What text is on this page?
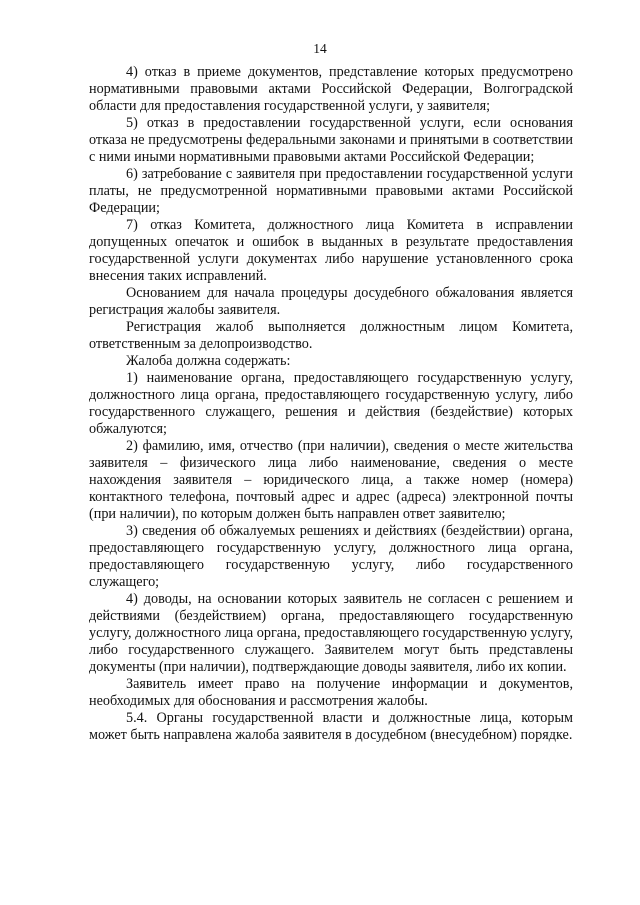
14

4) отказ в приеме документов, представление которых предусмотрено нормативными правовыми актами Российской Федерации, Волгоградской области для предоставления государственной услуги, у заявителя;

5) отказ в предоставлении государственной услуги, если основания отказа не предусмотрены федеральными законами и принятыми в соответствии с ними иными нормативными правовыми актами Российской Федерации;

6) затребование с заявителя при предоставлении государственной услуги платы, не предусмотренной нормативными правовыми актами Российской Федерации;

7) отказ Комитета, должностного лица Комитета в исправлении допущенных опечаток и ошибок в выданных в результате предоставления государственной услуги документах либо нарушение установленного срока внесения таких исправлений.

Основанием для начала процедуры досудебного обжалования является регистрация жалобы заявителя.

Регистрация жалоб выполняется должностным лицом Комитета, ответственным за делопроизводство.

Жалоба должна содержать:

1) наименование органа, предоставляющего государственную услугу, должностного лица органа, предоставляющего государственную услугу, либо государственного служащего, решения и действия (бездействие) которых обжалуются;

2) фамилию, имя, отчество (при наличии), сведения о месте жительства заявителя – физического лица либо наименование, сведения о месте нахождения заявителя – юридического лица, а также номер (номера) контактного телефона, почтовый адрес и адрес (адреса) электронной почты (при наличии), по которым должен быть направлен ответ заявителю;

3) сведения об обжалуемых решениях и действиях (бездействии) органа, предоставляющего государственную услугу, должностного лица органа, предоставляющего государственную услугу, либо государственного служащего;

4) доводы, на основании которых заявитель не согласен с решением и действиями (бездействием) органа, предоставляющего государственную услугу, должностного лица органа, предоставляющего государственную услугу, либо государственного служащего. Заявителем могут быть представлены документы (при наличии), подтверждающие доводы заявителя, либо их копии.

Заявитель имеет право на получение информации и документов, необходимых для обоснования и рассмотрения жалобы.

5.4. Органы государственной власти и должностные лица, которым может быть направлена жалоба заявителя в досудебном (внесудебном) порядке.
